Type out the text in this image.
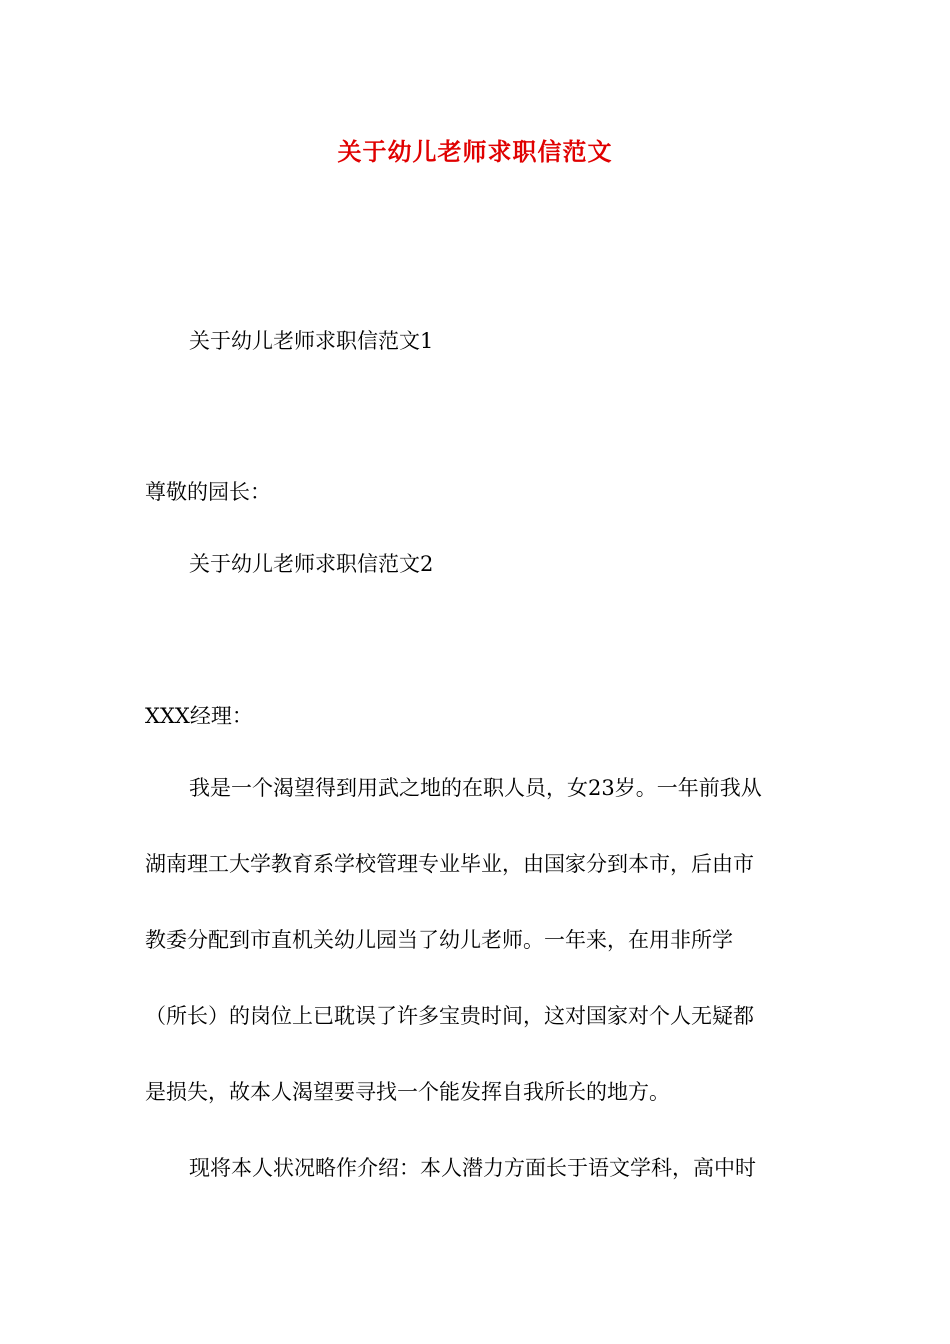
关于幼儿老师求职信范文
关于幼儿老师求职信范文1
尊敬的园长：
关于幼儿老师求职信范文2
XXX经理：
我是一个渴望得到用武之地的在职人员，女23岁。一年前我从
湖南理工大学教育系学校管理专业毕业，由国家分到本市，后由市
教委分配到市直机关幼儿园当了幼儿老师。一年来，在用非所学
（所长）的岗位上已耽误了许多宝贵时间，这对国家对个人无疑都
是损失，故本人渴望要寻找一个能发挥自我所长的地方。
现将本人状况略作介绍：本人潜力方面长于语文学科，高中时
